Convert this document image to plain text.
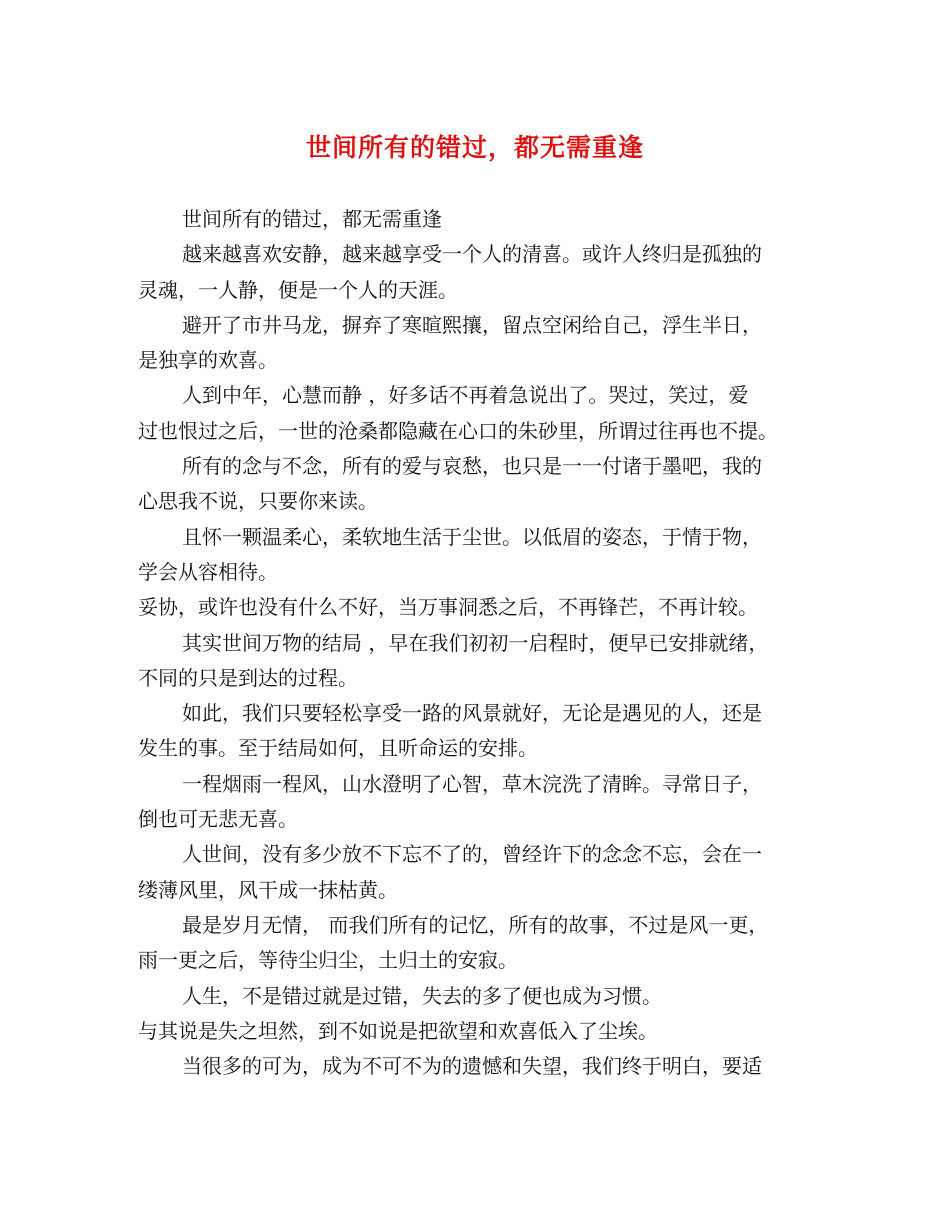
世间所有的错过，都无需重逢
世间所有的错过，都无需重逢
越来越喜欢安静，越来越享受一个人的清喜。或许人终归是孤独的
灵魂，一人静，便是一个人的天涯。
避开了市井马龙，摒弃了寒暄熙攘，留点空闲给自己，浮生半日，
是独享的欢喜。
人到中年，心慧而静 ，好多话不再着急说出了。哭过，笑过，爱
过也恨过之后，一世的沧桑都隐藏在心口的朱砂里，所谓过往再也不提。
所有的念与不念，所有的爱与哀愁，也只是一一付诸于墨吧，我的
心思我不说，只要你来读。
且怀一颗温柔心，柔软地生活于尘世。以低眉的姿态，于情于物，
学会从容相待。
妥协，或许也没有什么不好，当万事洞悉之后，不再锋芒，不再计较。
其实世间万物的结局 ，早在我们初初一启程时，便早已安排就绪，
不同的只是到达的过程。
如此，我们只要轻松享受一路的风景就好，无论是遇见的人，还是
发生的事。至于结局如何，且听命运的安排。
一程烟雨一程风，山水澄明了心智，草木浣洗了清眸。寻常日子，
倒也可无悲无喜。
人世间，没有多少放不下忘不了的，曾经许下的念念不忘，会在一
缕薄风里，风干成一抹枯黄。
最是岁月无情， 而我们所有的记忆，所有的故事，不过是风一更，
雨一更之后，等待尘归尘，土归土的安寂。
人生，不是错过就是过错，失去的多了便也成为习惯。
与其说是失之坦然，到不如说是把欲望和欢喜低入了尘埃。
当很多的可为，成为不可不为的遗憾和失望，我们终于明白，要适
